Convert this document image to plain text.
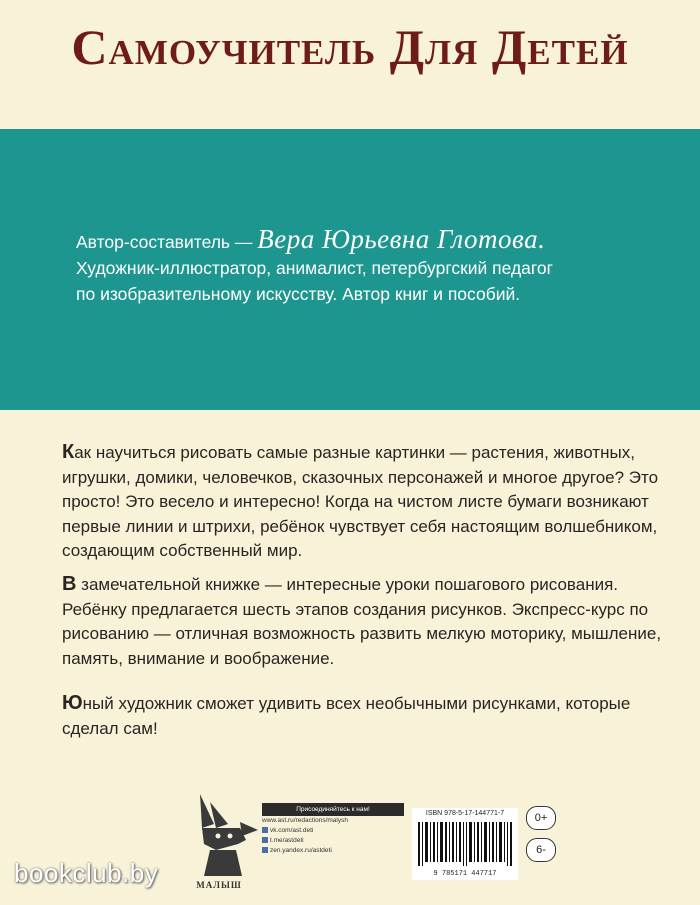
Самоучитель Для Детей
Автор-составитель — Вера Юрьевна Глотова.
Художник-иллюстратор, анималист, петербургский педагог
по изобразительному искусству. Автор книг и пособий.
Как научиться рисовать самые разные картинки — растения, животных, игрушки, домики, человечков, сказочных персонажей и многое другое? Это просто! Это весело и интересно! Когда на чистом листе бумаги возникают первые линии и штрихи, ребёнок чувствует себя настоящим волшебником, создающим собственный мир.
В замечательной книжке — интересные уроки пошагового рисования. Ребёнку предлагается шесть этапов создания рисунков. Экспресс-курс по рисованию — отличная возможность развить мелкую моторику, мышление, память, внимание и воображение.
Юный художник сможет удивить всех необычными рисунками, которые сделал сам!
МАЛЫШ
Присоединяйтесь к нам!
www.ast.ru/redactions/malysh
vk.com/ast.deti
t.me/astdeti
zen.yandex.ru/astdeti
ISBN 978-5-17-144771-7
9 785171 447717
0+
6-
bookclub.by
